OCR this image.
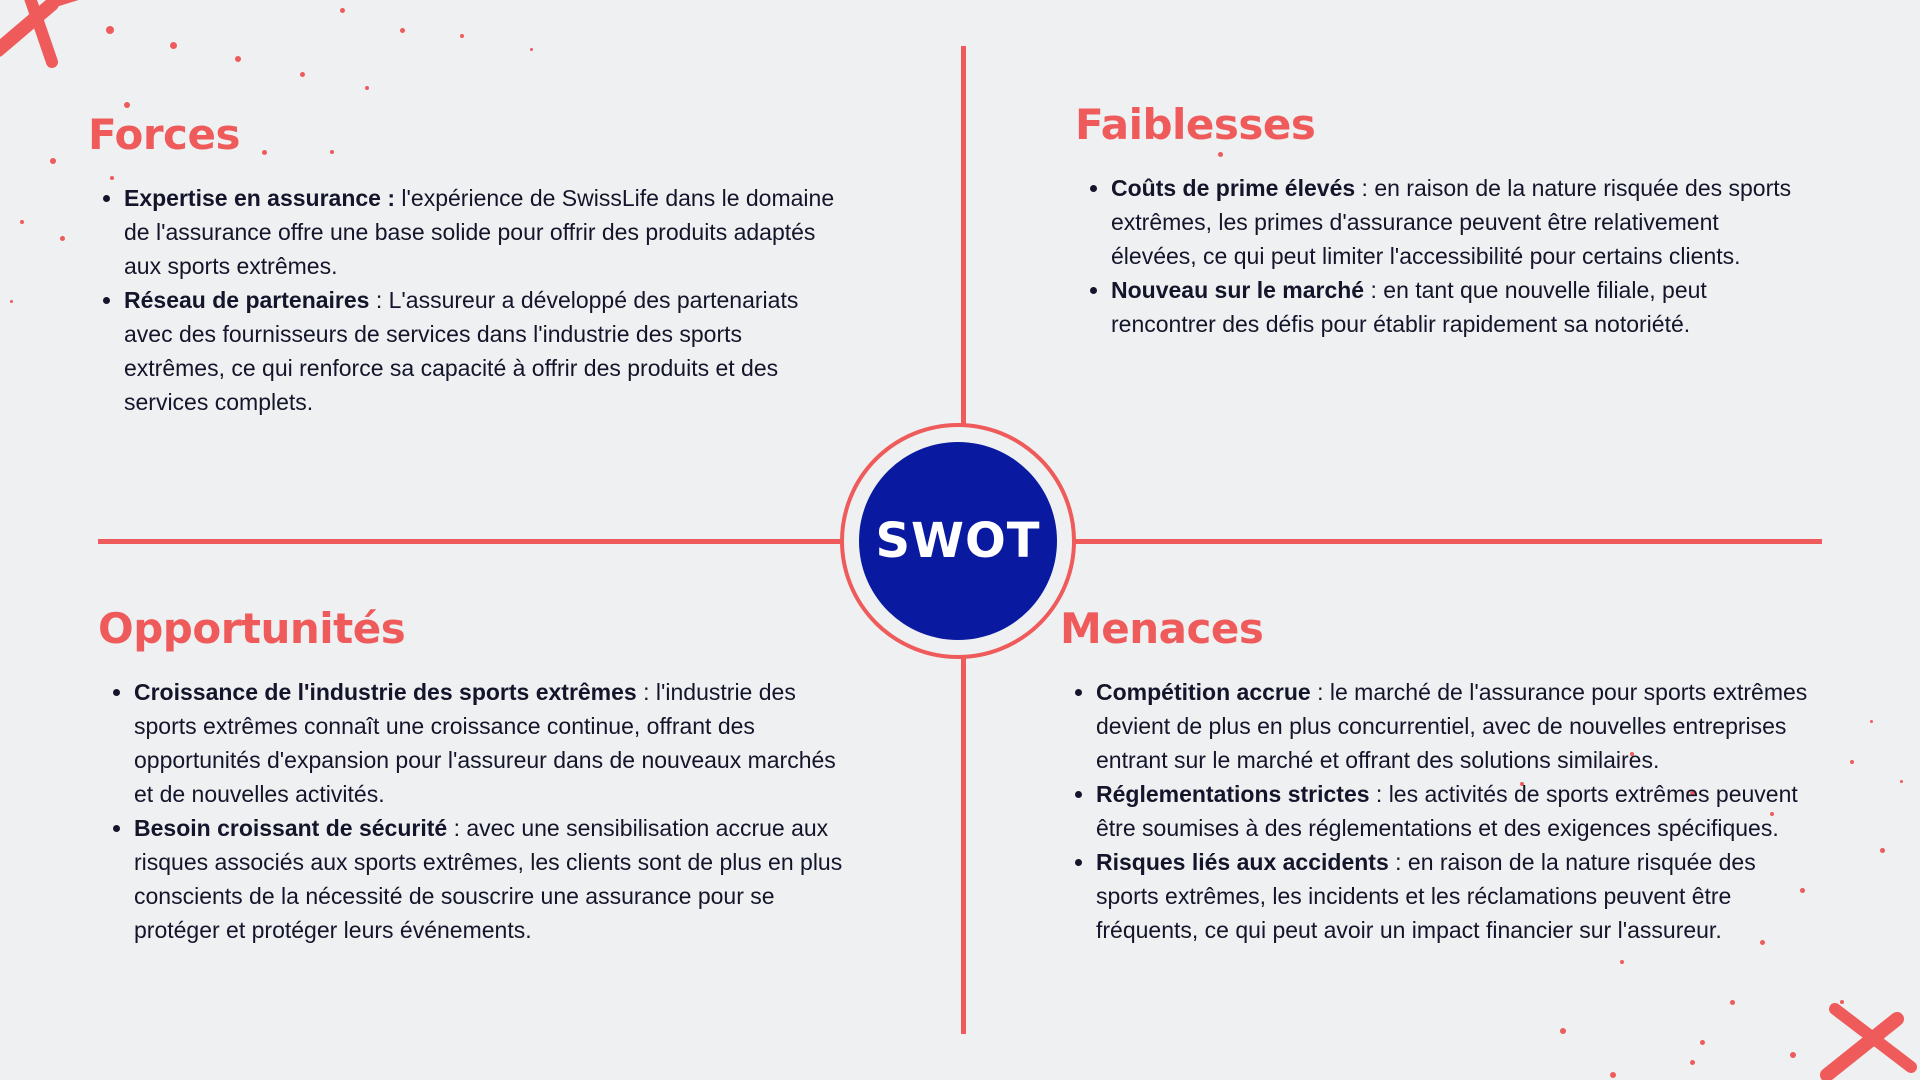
Forces
• Expertise en assurance : l'expérience de SwissLife dans le domaine de l'assurance offre une base solide pour offrir des produits adaptés aux sports extrêmes.
• Réseau de partenaires : L'assureur a développé des partenariats avec des fournisseurs de services dans l'industrie des sports extrêmes, ce qui renforce sa capacité à offrir des produits et des services complets.
Faiblesses
• Coûts de prime élevés : en raison de la nature risquée des sports extrêmes, les primes d'assurance peuvent être relativement élevées, ce qui peut limiter l'accessibilité pour certains clients.
• Nouveau sur le marché : en tant que nouvelle filiale, peut rencontrer des défis pour établir rapidement sa notoriété.
Opportunités
• Croissance de l'industrie des sports extrêmes : l'industrie des sports extrêmes connaît une croissance continue, offrant des opportunités d'expansion pour l'assureur dans de nouveaux marchés et de nouvelles activités.
• Besoin croissant de sécurité : avec une sensibilisation accrue aux risques associés aux sports extrêmes, les clients sont de plus en plus conscients de la nécessité de souscrire une assurance pour se protéger et protéger leurs événements.
Menaces
• Compétition accrue : le marché de l'assurance pour sports extrêmes devient de plus en plus concurrentiel, avec de nouvelles entreprises entrant sur le marché et offrant des solutions similaires.
• Réglementations strictes : les activités de sports extrêmes peuvent être soumises à des réglementations et des exigences spécifiques.
• Risques liés aux accidents : en raison de la nature risquée des sports extrêmes, les incidents et les réclamations peuvent être fréquents, ce qui peut avoir un impact financier sur l'assureur.
SWOT
